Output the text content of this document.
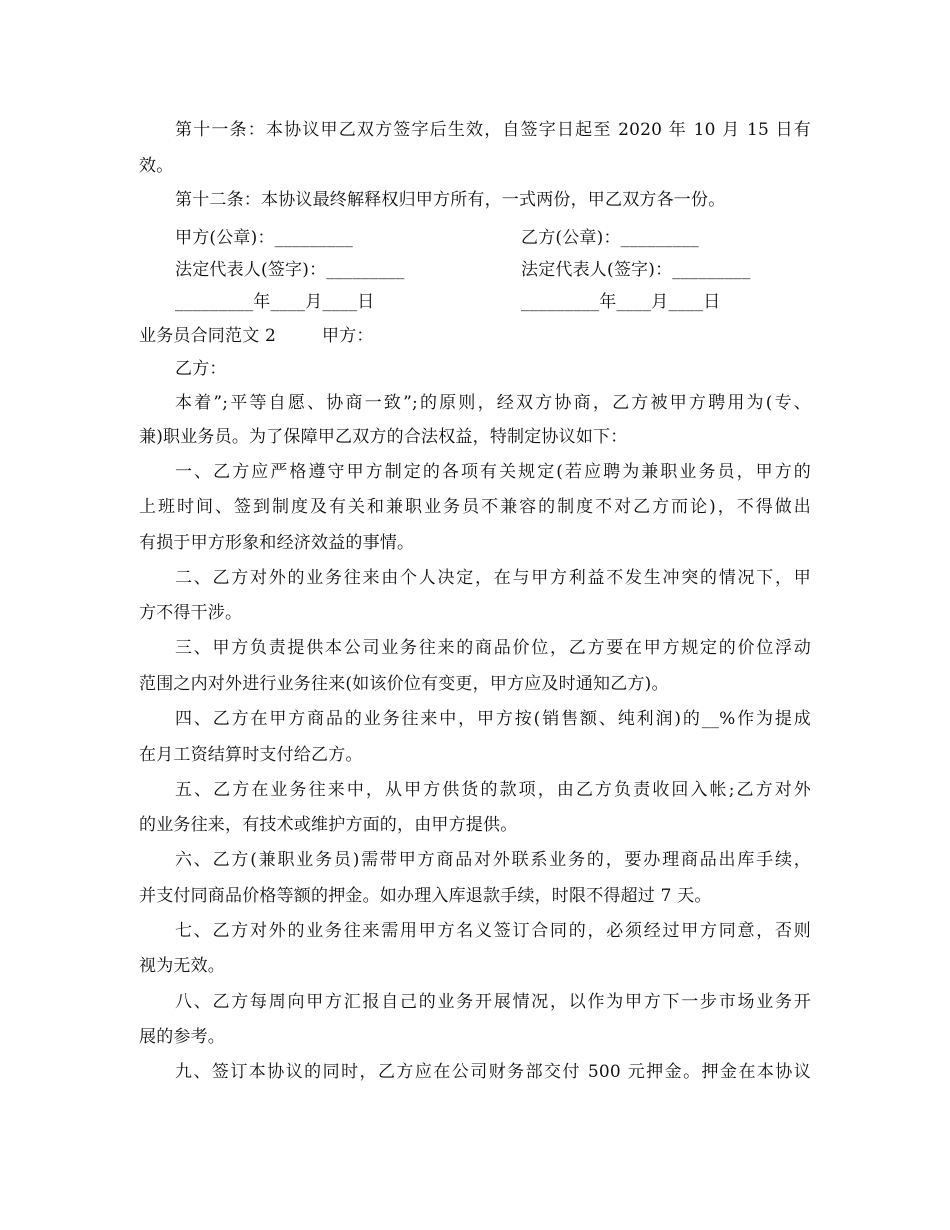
第十一条：本协议甲乙双方签字后生效，自签字日起至 2020 年 10 月 15 日有
效。
第十二条：本协议最终解释权归甲方所有，一式两份，甲乙双方各一份。
甲方(公章)：_________	乙方(公章)：_________
法定代表人(签字)：_________	法定代表人(签字)：_________
_________年____月____日	_________年____月____日
业务员合同范文 2	甲方：
乙方：
本着”;平等自愿、协商一致”;的原则，经双方协商，乙方被甲方聘用为(专、
兼)职业务员。为了保障甲乙双方的合法权益，特制定协议如下：
一、乙方应严格遵守甲方制定的各项有关规定(若应聘为兼职业务员，甲方的
上班时间、签到制度及有关和兼职业务员不兼容的制度不对乙方而论)，不得做出
有损于甲方形象和经济效益的事情。
二、乙方对外的业务往来由个人决定，在与甲方利益不发生冲突的情况下，甲
方不得干涉。
三、甲方负责提供本公司业务往来的商品价位，乙方要在甲方规定的价位浮动
范围之内对外进行业务往来(如该价位有变更，甲方应及时通知乙方)。
四、乙方在甲方商品的业务往来中，甲方按(销售额、纯利润)的__%作为提成
在月工资结算时支付给乙方。
五、乙方在业务往来中，从甲方供货的款项，由乙方负责收回入帐;乙方对外
的业务往来，有技术或维护方面的，由甲方提供。
六、乙方(兼职业务员)需带甲方商品对外联系业务的，要办理商品出库手续，
并支付同商品价格等额的押金。如办理入库退款手续，时限不得超过 7 天。
七、乙方对外的业务往来需用甲方名义签订合同的，必须经过甲方同意，否则
视为无效。
八、乙方每周向甲方汇报自己的业务开展情况，以作为甲方下一步市场业务开
展的参考。
九、签订本协议的同时，乙方应在公司财务部交付 500 元押金。押金在本协议
